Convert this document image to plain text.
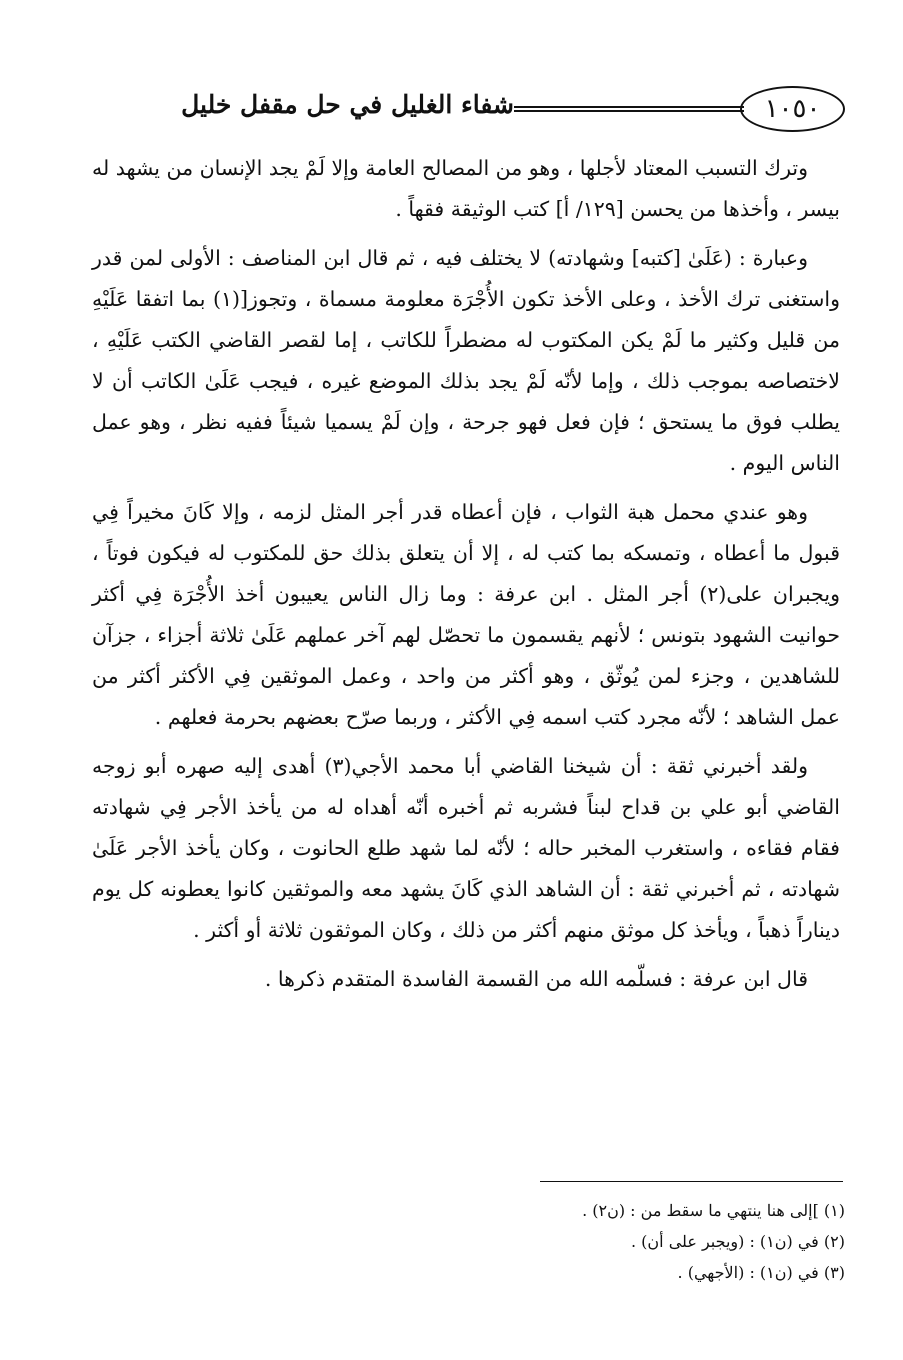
١٠٥٠
شفاء الغليل في حل مقفل خليل

وترك التسبب المعتاد لأجلها ، وهو من المصالح العامة وإلا لَمْ يجد الإنسان من يشهد له بيسر ، وأخذها من يحسن [١٢٩/ أ] كتب الوثيقة فقهاً .

وعبارة : (عَلَىٰ [كتبه] وشهادته) لا يختلف فيه ، ثم قال ابن المناصف : الأولى لمن قدر واستغنى ترك الأخذ ، وعلى الأخذ تكون الأُجْرَة معلومة مسماة ، وتجوز[(١) بما اتفقا عَلَيْهِ من قليل وكثير ما لَمْ يكن المكتوب له مضطراً للكاتب ، إما لقصر القاضي الكتب عَلَيْهِ ، لاختصاصه بموجب ذلك ، وإما لأنّه لَمْ يجد بذلك الموضع غيره ، فيجب عَلَىٰ الكاتب أن لا يطلب فوق ما يستحق ؛ فإن فعل فهو جرحة ، وإن لَمْ يسميا شيئاً ففيه نظر ، وهو عمل الناس اليوم .

وهو عندي محمل هبة الثواب ، فإن أعطاه قدر أجر المثل لزمه ، وإلا كَانَ مخيراً فِي قبول ما أعطاه ، وتمسكه بما كتب له ، إلا أن يتعلق بذلك حق للمكتوب له فيكون فوتاً ، ويجبران على(٢) أجر المثل . ابن عرفة : وما زال الناس يعيبون أخذ الأُجْرَة فِي أكثر حوانيت الشهود بتونس ؛ لأنهم يقسمون ما تحصّل لهم آخر عملهم عَلَىٰ ثلاثة أجزاء ، جزآن للشاهدين ، وجزء لمن يُوثّق ، وهو أكثر من واحد ، وعمل الموثقين فِي الأكثر أكثر من عمل الشاهد ؛ لأنّه مجرد كتب اسمه فِي الأكثر ، وربما صرّح بعضهم بحرمة فعلهم .

ولقد أخبرني ثقة : أن شيخنا القاضي أبا محمد الأجي(٣) أهدى إليه صهره أبو زوجه القاضي أبو علي بن قداح لبناً فشربه ثم أخبره أنّه أهداه له من يأخذ الأجر فِي شهادته فقام فقاءه ، واستغرب المخبر حاله ؛ لأنّه لما شهد طلع الحانوت ، وكان يأخذ الأجر عَلَىٰ شهادته ، ثم أخبرني ثقة : أن الشاهد الذي كَانَ يشهد معه والموثقين كانوا يعطونه كل يوم ديناراً ذهباً ، ويأخذ كل موثق منهم أكثر من ذلك ، وكان الموثقون ثلاثة أو أكثر .

قال ابن عرفة : فسلّمه الله من القسمة الفاسدة المتقدم ذكرها .

(١) ]إلى هنا ينتهي ما سقط من : (ن٢) .

(٢) في (ن١) : (ويجبر على أن) .

(٣) في (ن١) : (الأجهي) .
